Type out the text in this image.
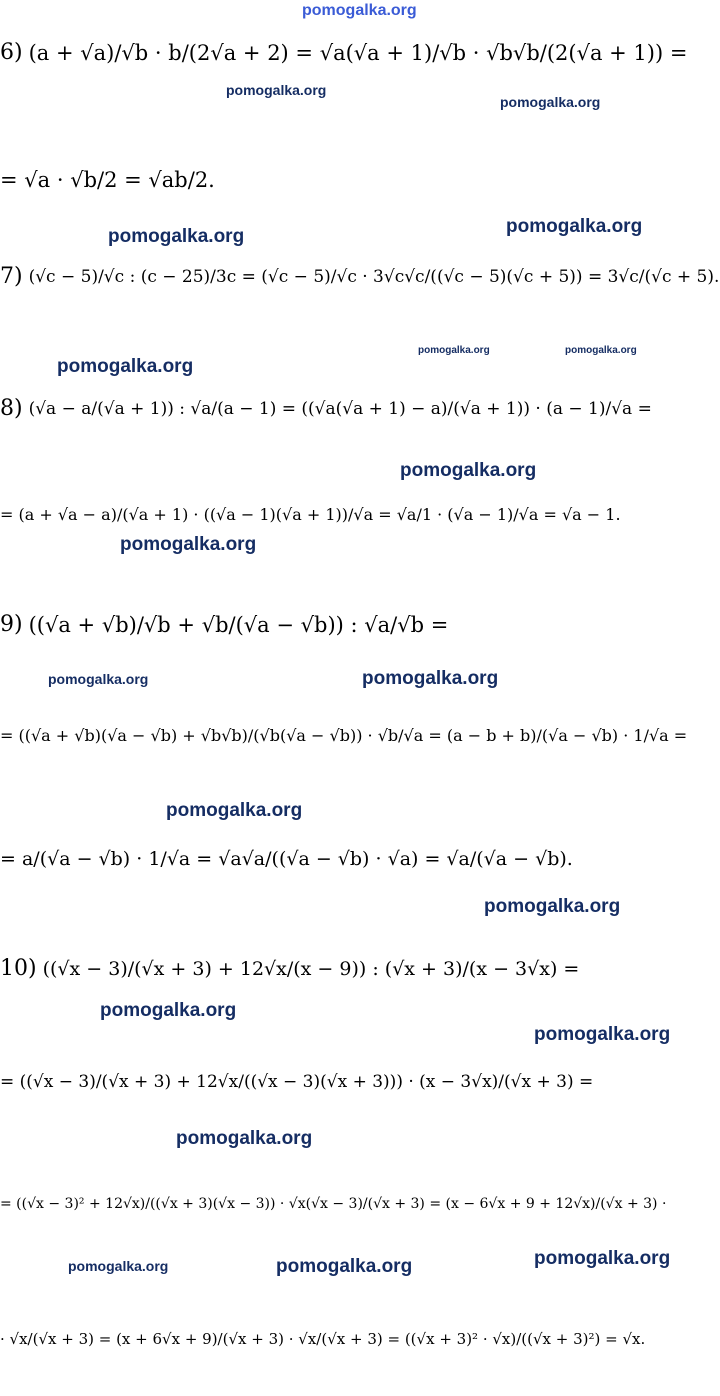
pomogalka.org
pomogalka.org
pomogalka.org
pomogalka.org	pomogalka.org
pomogalka.org
pomogalka.org	pomogalka.org
pomogalka.org
pomogalka.org
pomogalka.org	pomogalka.org
pomogalka.org
pomogalka.org
pomogalka.org
pomogalka.org
pomogalka.org
pomogalka.org
pomogalka.org	pomogalka.org
6) (a + √a)/√b · b/(2√a + 2) = √a(√a + 1)/√b · √b√b/(2(√a + 1)) =
= √a · √b/2 = √ab/2.
7) (√c − 5)/√c : (c − 25)/3c = (√c − 5)/√c · 3√c√c/((√c − 5)(√c + 5)) = 3√c/(√c + 5).
8) (√a − a/(√a + 1)) : √a/(a − 1) = ((√a(√a + 1) − a)/(√a + 1)) · (a − 1)/√a =
= (a + √a − a)/(√a + 1) · ((√a − 1)(√a + 1))/√a = √a/1 · (√a − 1)/√a = √a − 1.
9) ((√a + √b)/√b + √b/(√a − √b)) : √a/√b =
= ((√a + √b)(√a − √b) + √b√b)/(√b(√a − √b)) · √b/√a = (a − b + b)/(√a − √b) · 1/√a =
= a/(√a − √b) · 1/√a = √a√a/((√a − √b) · √a) = √a/(√a − √b).
10) ((√x − 3)/(√x + 3) + 12√x/(x − 9)) : (√x + 3)/(x − 3√x) =
= ((√x − 3)/(√x + 3) + 12√x/((√x − 3)(√x + 3))) · (x − 3√x)/(√x + 3) =
= ((√x − 3)² + 12√x)/((√x + 3)(√x − 3)) · √x(√x − 3)/(√x + 3) = (x − 6√x + 9 + 12√x)/(√x + 3) ·
· √x/(√x + 3) = (x + 6√x + 9)/(√x + 3) · √x/(√x + 3) = ((√x + 3)² · √x)/((√x + 3)²) = √x.
